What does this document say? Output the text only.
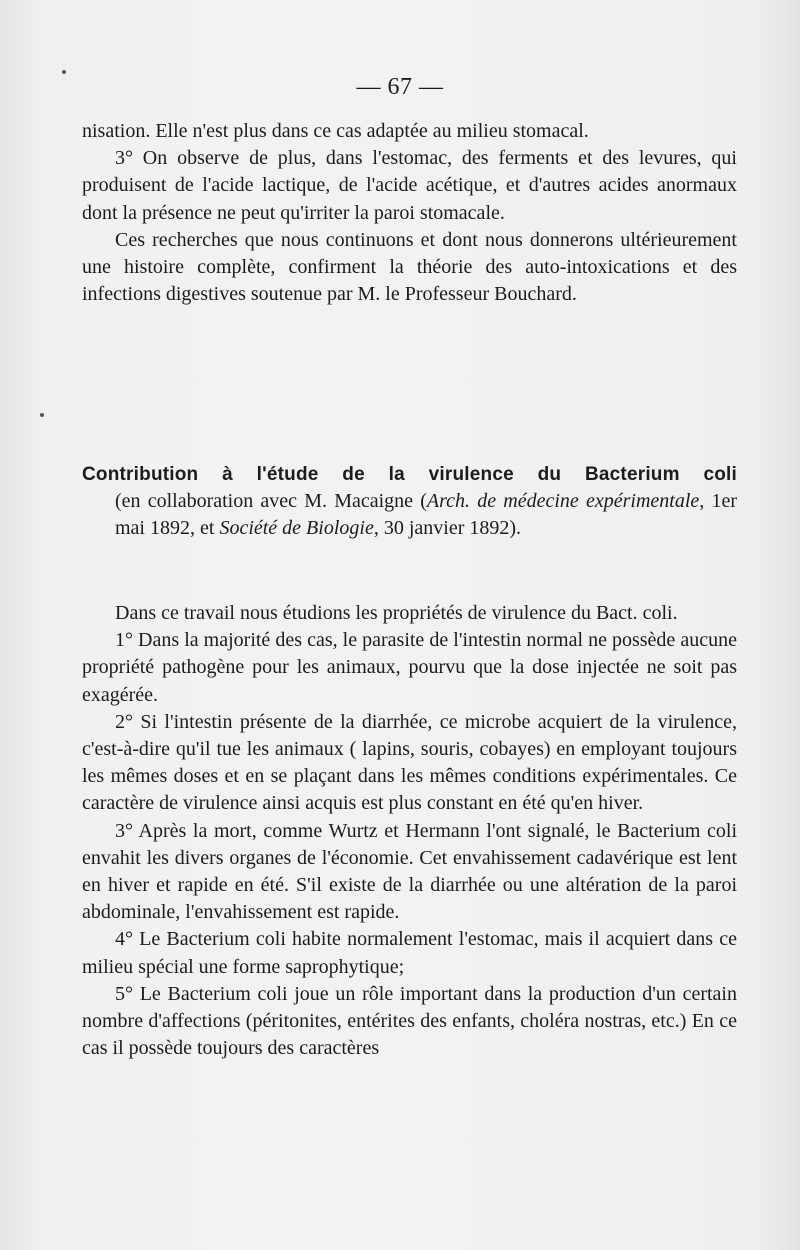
— 67 —

nisation. Elle n'est plus dans ce cas adaptée au milieu stomacal.

3° On observe de plus, dans l'estomac, des ferments et des levures, qui produisent de l'acide lactique, de l'acide acétique, et d'autres acides anormaux dont la présence ne peut qu'irriter la paroi stomacale.

Ces recherches que nous continuons et dont nous donnerons ultérieurement une histoire complète, confirment la théorie des auto-intoxications et des infections digestives soutenue par M. le Professeur Bouchard.

Contribution à l'étude de la virulence du Bacterium coli
(en collaboration avec M. Macaigne (Arch. de médecine expérimentale, 1er mai 1892, et Société de Biologie, 30 janvier 1892).

Dans ce travail nous étudions les propriétés de virulence du Bact. coli.

1° Dans la majorité des cas, le parasite de l'intestin normal ne possède aucune propriété pathogène pour les animaux, pourvu que la dose injectée ne soit pas exagérée.

2° Si l'intestin présente de la diarrhée, ce microbe acquiert de la virulence, c'est-à-dire qu'il tue les animaux ( lapins, souris, cobayes) en employant toujours les mêmes doses et en se plaçant dans les mêmes conditions expérimentales. Ce caractère de virulence ainsi acquis est plus constant en été qu'en hiver.

3° Après la mort, comme Wurtz et Hermann l'ont signalé, le Bacterium coli envahit les divers organes de l'économie. Cet envahissement cadavérique est lent en hiver et rapide en été. S'il existe de la diarrhée ou une altération de la paroi abdominale, l'envahissement est rapide.

4° Le Bacterium coli habite normalement l'estomac, mais il acquiert dans ce milieu spécial une forme saprophytique;

5° Le Bacterium coli joue un rôle important dans la production d'un certain nombre d'affections (péritonites, entérites des enfants, choléra nostras, etc.) En ce cas il possède toujours des caractères
